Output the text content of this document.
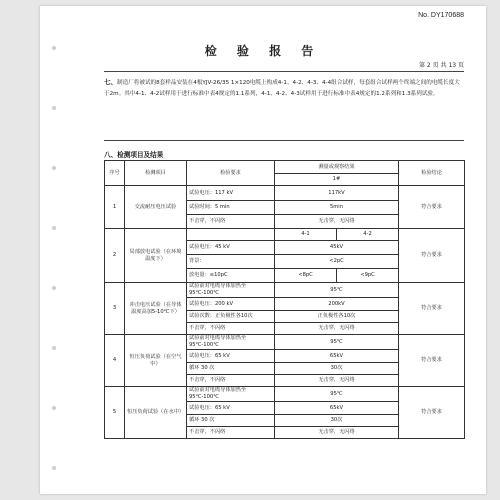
No. DY170688
检 验 报 告
第 2 页 共 13 页
七、制造厂将被试的8套样品安装在4根YJV-26/35 1×120电缆上构成4-1、4-2、4-3、4-4组合试样，每套组合试样两个终端之间的电缆长度大于2m。其中4-1、4-2试样用于进行标准中表4规定的1.1系列，4-1、4-2、4-3试样用于进行标准中表4规定的1.2系列和1.3系列试验。
八、检测项目及结果
序号	检测项目	检验要求	测量或观察结果		检验结论
			1#		
1	交流耐压电压试验	试验电压：117 kV	117kV		符合要求
		试验时间：5 min	5min		
		不击穿，不闪络	无击穿，无闪络		
2	局部放电试验（在环境温度下）		4-1	4-2	符合要求
		试验电压：45 kV	45kV		
		背景：	<2pC		
		放电量：≤10pC	<8pC	<9pC	
3	冲击电压试验（在导体温度高加5-10℃下）	试验前对电缆导体加热至95℃-100℃	95℃		符合要求
		试验电压：200 kV	200kV		
		试验次数：正负极性各10次	正负极性各10次		
		不击穿，不闪络	无击穿，无闪络		
4	恒压负荷试验（在空气中）	试验前对电缆导体加热至95℃-100℃	95℃		符合要求
		试验电压：65 kV	65kV		
		循环 30 次	30次		
		不击穿，不闪络	无击穿，无闪络		
5	恒压负荷试验（在水中）	试验前对电缆导体加热至95℃-100℃	95℃		符合要求
		试验电压：65 kV	65kV		
		循环 30 次	30次		
		不击穿，不闪络	无击穿，无闪络		
